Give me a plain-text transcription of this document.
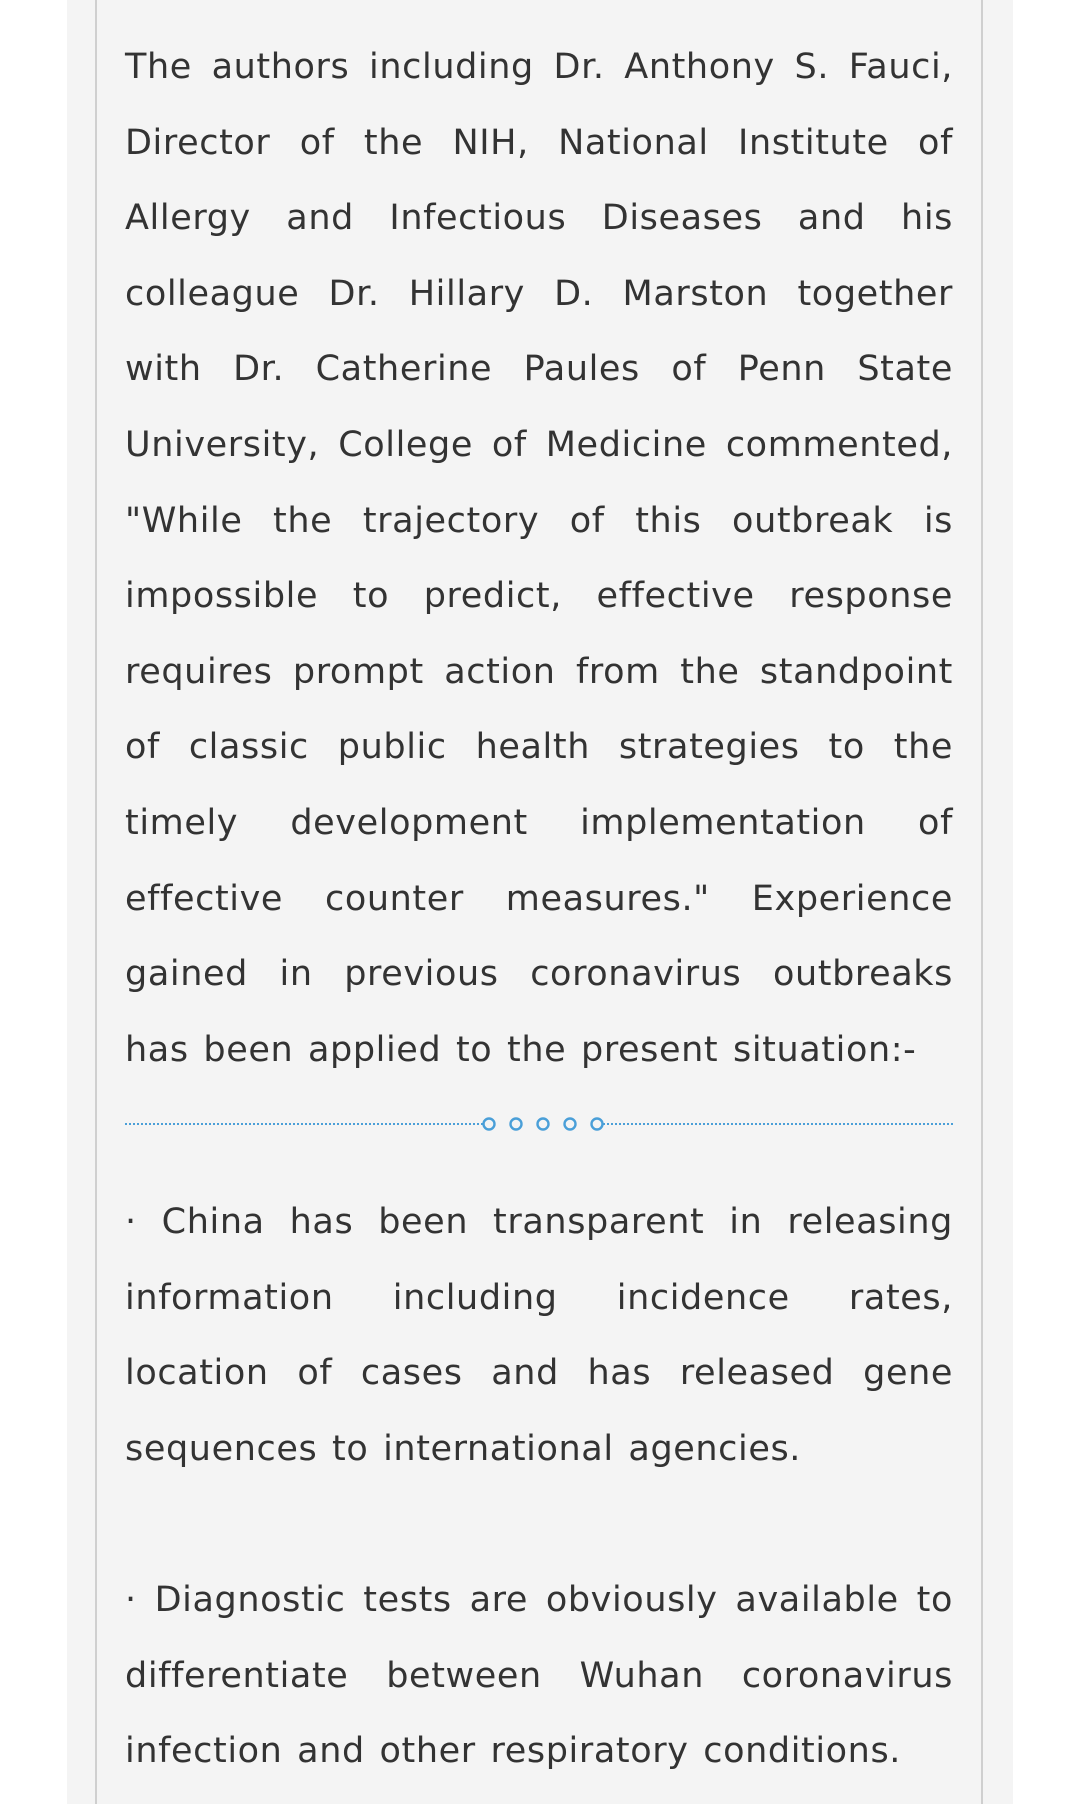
The authors including Dr. Anthony S. Fauci, Director of the NIH, National Institute of Allergy and Infectious Diseases and his colleague Dr. Hillary D. Marston together with Dr. Catherine Paules of Penn State University, College of Medicine commented, "While the trajectory of this outbreak is impossible to predict, effective response requires prompt action from the standpoint of classic public health strategies to the timely development implementation of effective counter measures." Experience gained in previous coronavirus outbreaks has been applied to the present situation:-
· China has been transparent in releasing information including incidence rates, location of cases and has released gene sequences to international agencies.
· Diagnostic tests are obviously available to differentiate between Wuhan coronavirus infection and other respiratory conditions.
